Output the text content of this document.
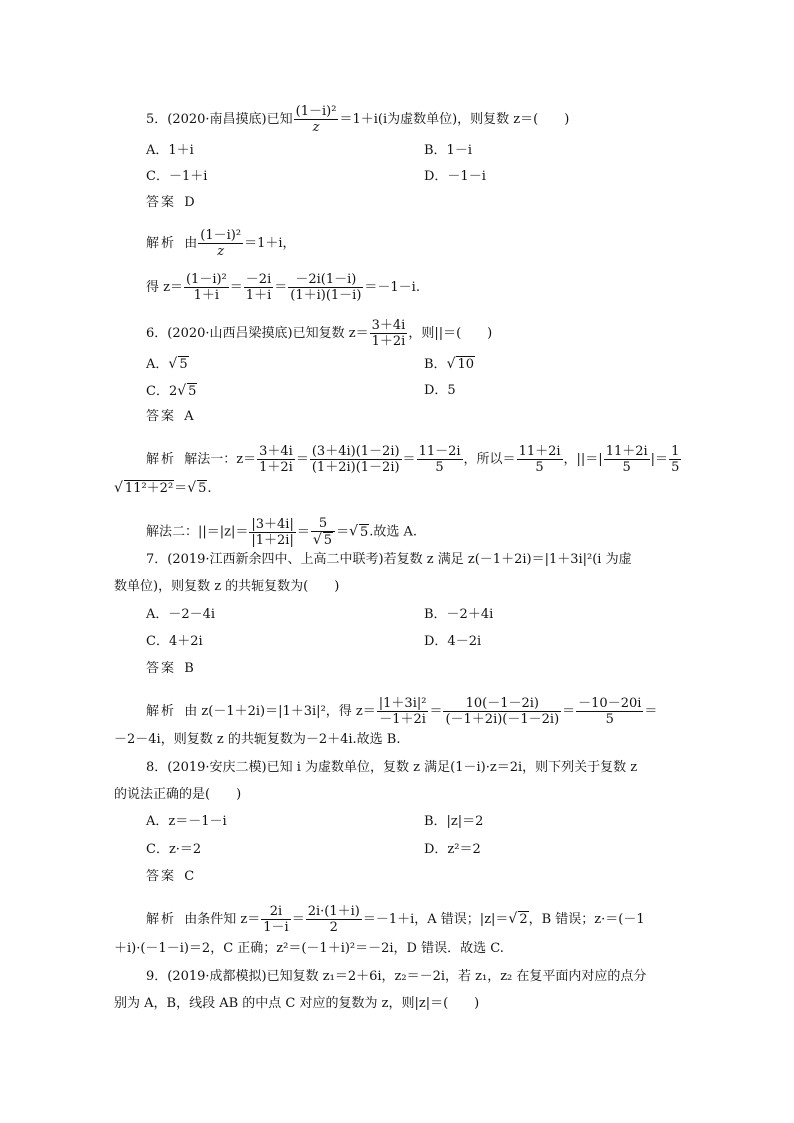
5．(2020·南昌摸底)已知 $\frac{\text{(1－i)²}}{z} =1+i(i$为虚数单位)，则复数 z＝(　　)
A．1＋i	B．1－i
C．－1＋i	D．－1－i
答案 D
解析 由 $\frac{\text{(1－i)²}}{z} =1+i$，
得 $z= \frac{\text{(1－i)²}}{1+i} = \frac{-2i}{1+i} = \frac{-2i(1-i)}{(1+i)(1-i)} =-1-i$.
6．(2020·山西吕梁摸底)已知复数 $z= \frac{3+4i}{1+2i}$ ，则||＝(　　)
A．√ 5	B．√ 10
C．2√ 5	D．5
答案 A
解析 解法一：$z= \frac{3+4i}{1+2i} = \frac{(3+4i)(1-2i)}{(1+2i)(1-2i)} = \frac{11-2i}{5}$ ，所以＝ $\frac{11+2i}{5}$ ，||＝| $\frac{11+2i}{5}$ |＝ $\frac{1}{5}$
√ 11²＋2²＝√ 5.
解法二：$||=|z|= \frac{|3+4i|}{|1+2i|} = \frac{5}{√ 5}$ ＝√ 5.故选 A.
7．(2019·江西新余四中、上高二中联考)若复数 z 满足 z(－1＋2i)＝|1＋3i|²(i 为虚
数单位)，则复数 z 的共轭复数为(　　)
A．－2－4i	B．－2＋4i
C．4＋2i	D．4－2i
答案 B
解析 由 z(－1＋2i)＝|1＋3i|²，得 $z= \frac{\text{|1＋3i|²}}{-1+2i} = \frac{10(-1-2i)}{(-1+2i)(-1-2i)} = \frac{-10-20i}{5}$ ＝
－2－4i，则复数 z 的共轭复数为－2＋4i.故选 B.
8．(2019·安庆二模)已知 i 为虚数单位，复数 z 满足(1－i)·z＝2i，则下列关于复数 z
的说法正确的是(　　)
A．z＝－1－i	B．|z|＝2
C．z·＝2	D．z²＝2
答案 C
解析 由条件知 $z= \frac{2i}{1-i} = \frac{2i\cdot(1+i)}{2} =-1+i$，A 错误；|z|＝√ 2，B 错误；z·＝(－1
＋i)·(－1－i)＝2，C 正确；z²＝(－1＋i)²＝－2i，D 错误．故选 C.
9．(2019·成都模拟)已知复数 z₁＝2＋6i，z₂＝－2i，若 z₁，z₂ 在复平面内对应的点分
别为 A，B，线段 AB 的中点 C 对应的复数为 z，则|z|＝(　　)
